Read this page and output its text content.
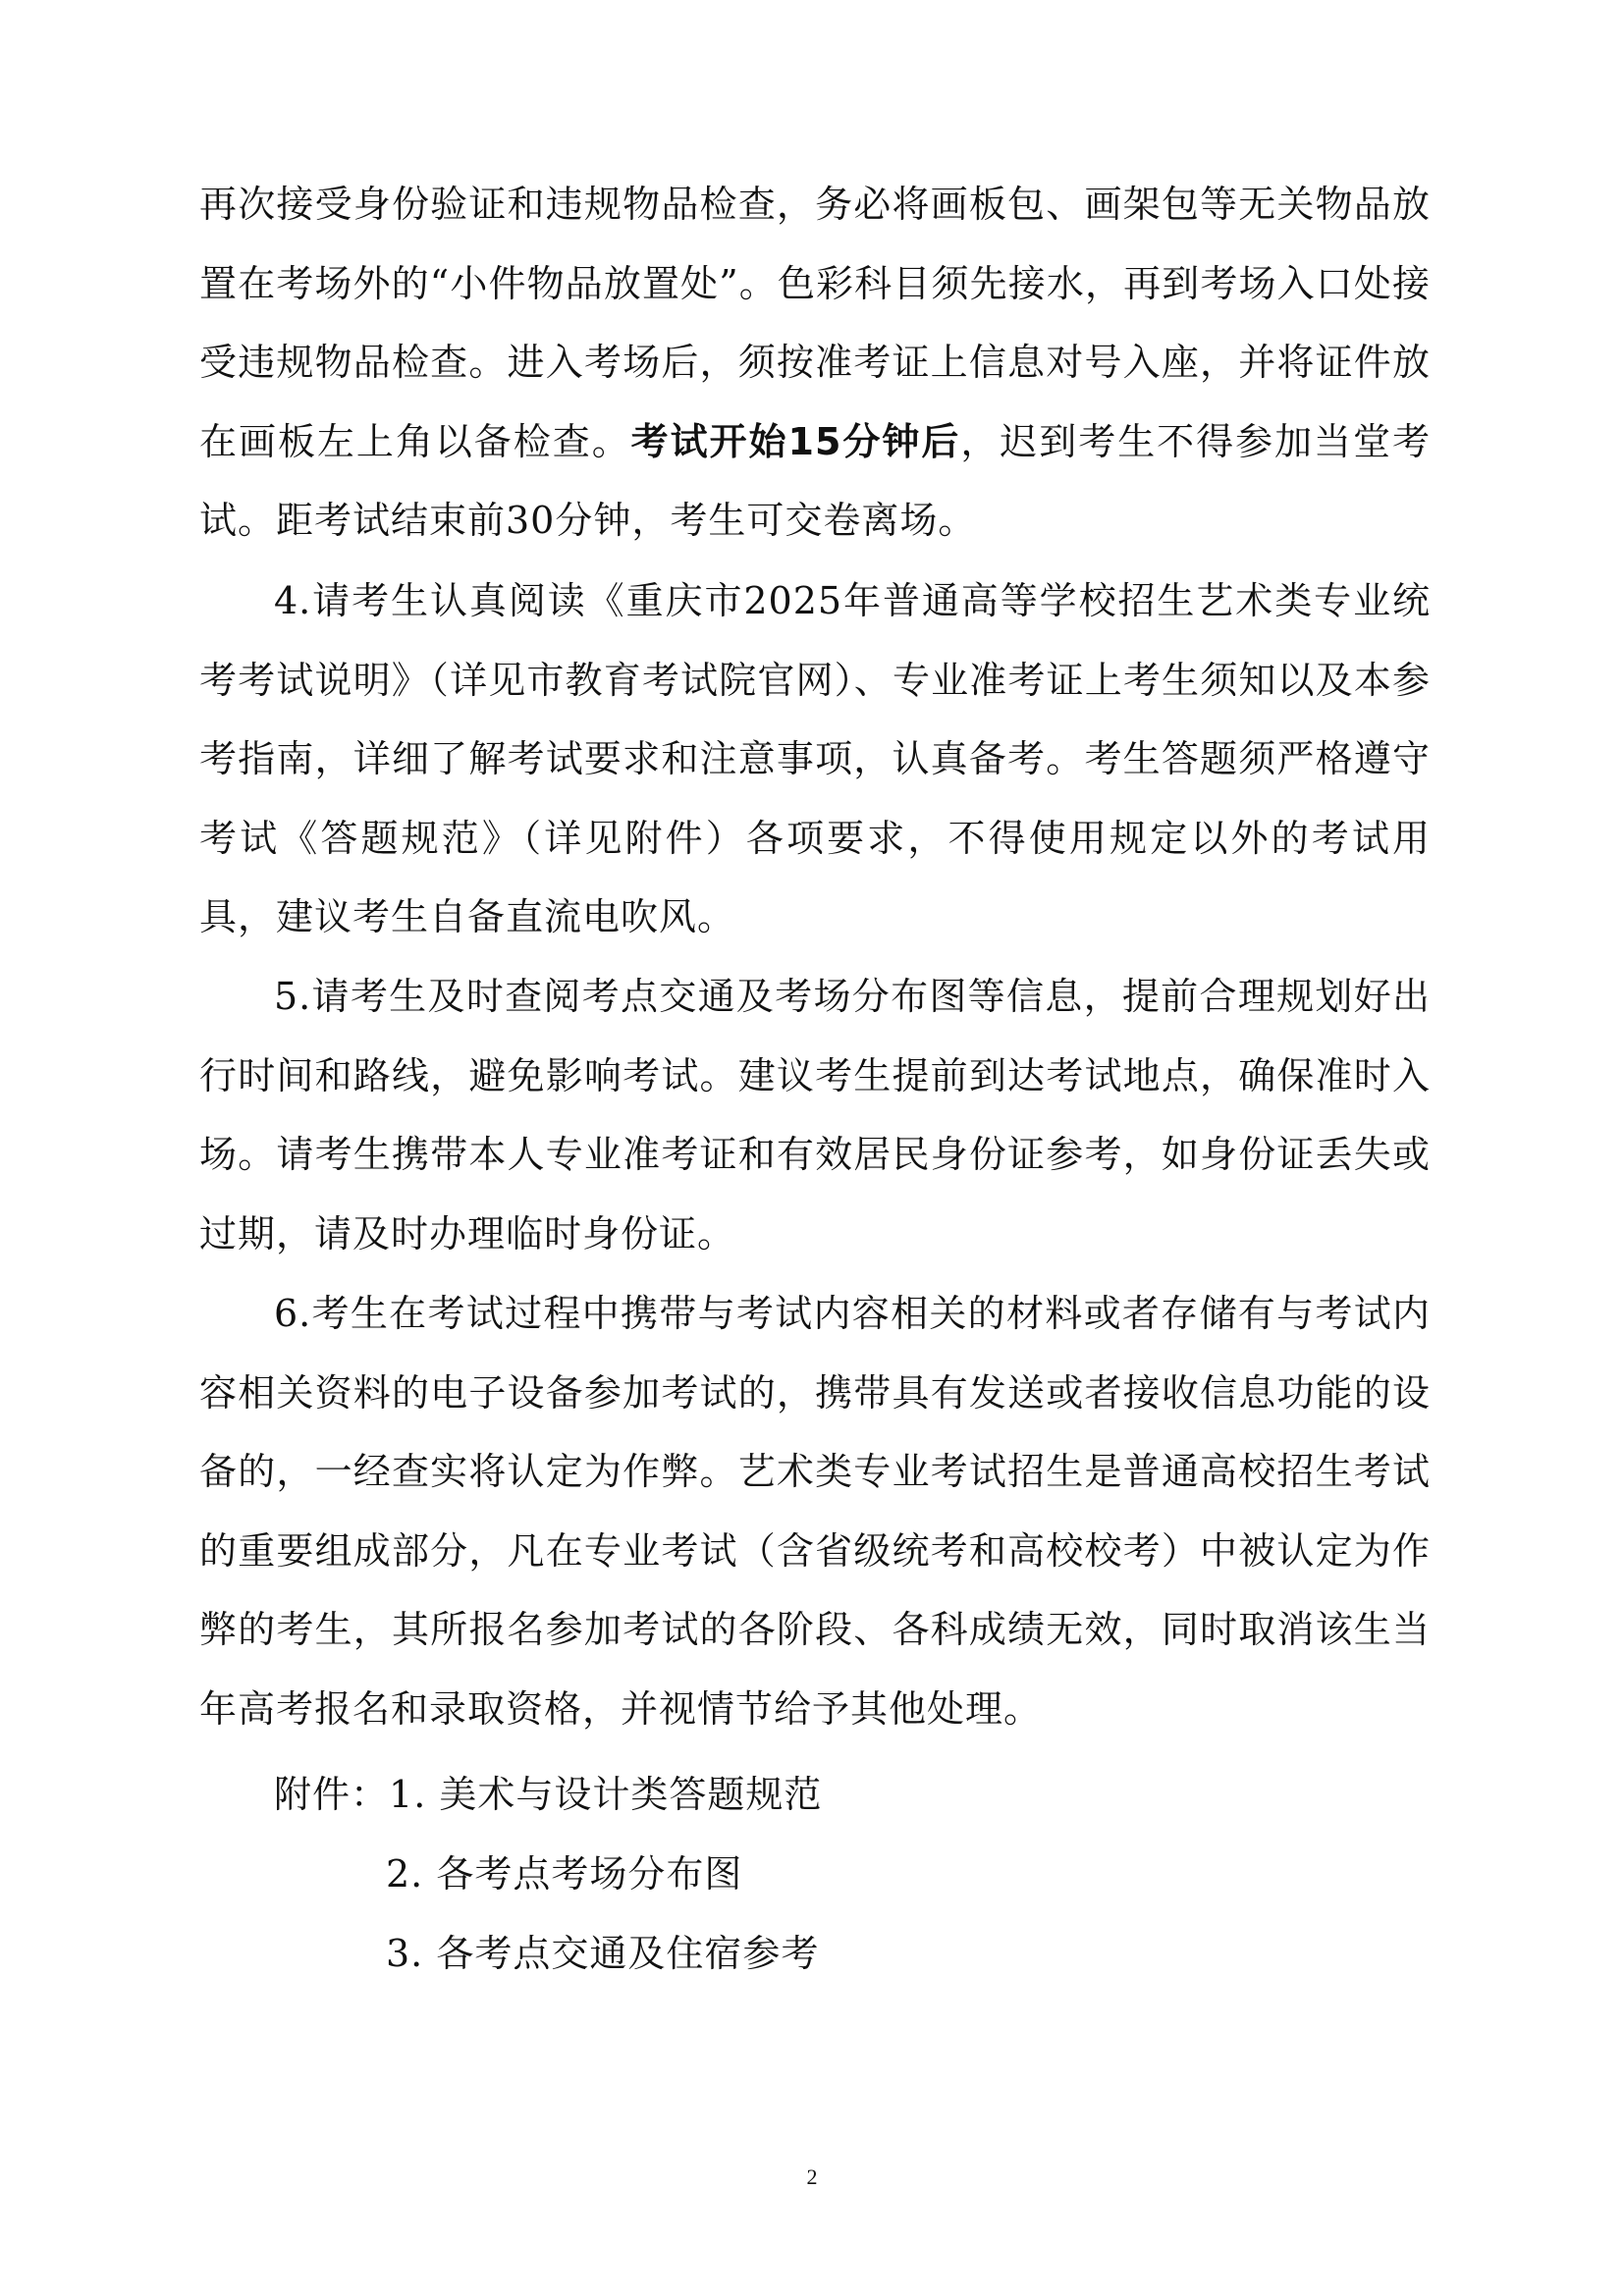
再次接受身份验证和违规物品检查，务必将画板包、画架包等无关物品放置在考场外的“小件物品放置处”。色彩科目须先接水，再到考场入口处接受违规物品检查。进入考场后，须按准考证上信息对号入座，并将证件放在画板左上角以备检查。考试开始15分钟后，迟到考生不得参加当堂考试。距考试结束前30分钟，考生可交卷离场。

4.请考生认真阅读《重庆市2025年普通高等学校招生艺术类专业统考考试说明》（详见市教育考试院官网）、专业准考证上考生须知以及本参考指南，详细了解考试要求和注意事项，认真备考。考生答题须严格遵守考试《答题规范》（详见附件）各项要求，不得使用规定以外的考试用具，建议考生自备直流电吹风。

5.请考生及时查阅考点交通及考场分布图等信息，提前合理规划好出行时间和路线，避免影响考试。建议考生提前到达考试地点，确保准时入场。请考生携带本人专业准考证和有效居民身份证参考，如身份证丢失或过期，请及时办理临时身份证。

6.考生在考试过程中携带与考试内容相关的材料或者存储有与考试内容相关资料的电子设备参加考试的，携带具有发送或者接收信息功能的设备的，一经查实将认定为作弊。艺术类专业考试招生是普通高校招生考试的重要组成部分，凡在专业考试（含省级统考和高校校考）中被认定为作弊的考生，其所报名参加考试的各阶段、各科成绩无效，同时取消该生当年高考报名和录取资格，并视情节给予其他处理。

附件：1. 美术与设计类答题规范
2. 各考点考场分布图
3. 各考点交通及住宿参考
2
